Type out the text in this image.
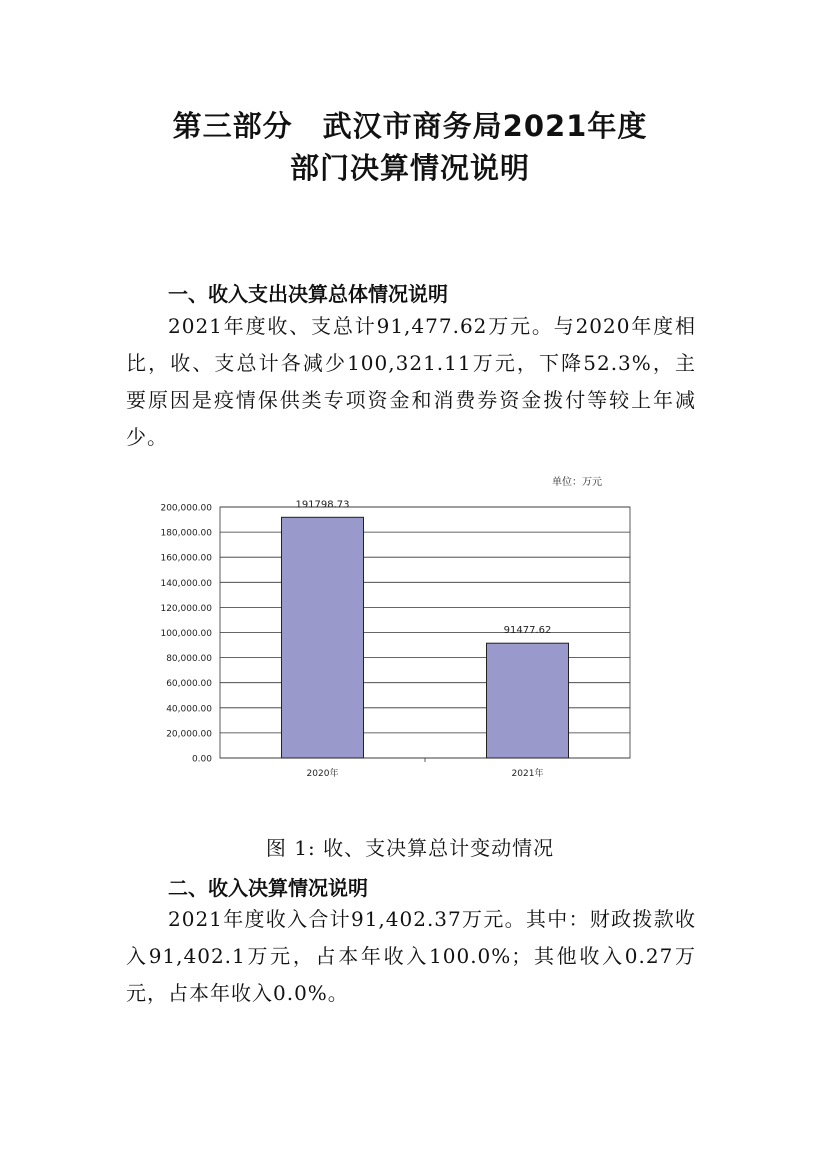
第三部分　武汉市商务局2021年度
部门决算情况说明
一、收入支出决算总体情况说明
2021年度收、支总计91,477.62万元。与2020年度相比，收、支总计各减少100,321.11万元，下降52.3%，主要原因是疫情保供类专项资金和消费券资金拨付等较上年减少。
单位：万元
0.00
20,000.00
40,000.00
60,000.00
80,000.00
100,000.00
120,000.00
140,000.00
160,000.00
180,000.00
200,000.00	191798.73
2020年
91477.62
2021年
图 1: 收、支决算总计变动情况
二、收入决算情况说明
2021年度收入合计91,402.37万元。其中：财政拨款收入91,402.1万元，占本年收入100.0%；其他收入0.27万元，占本年收入0.0%。
